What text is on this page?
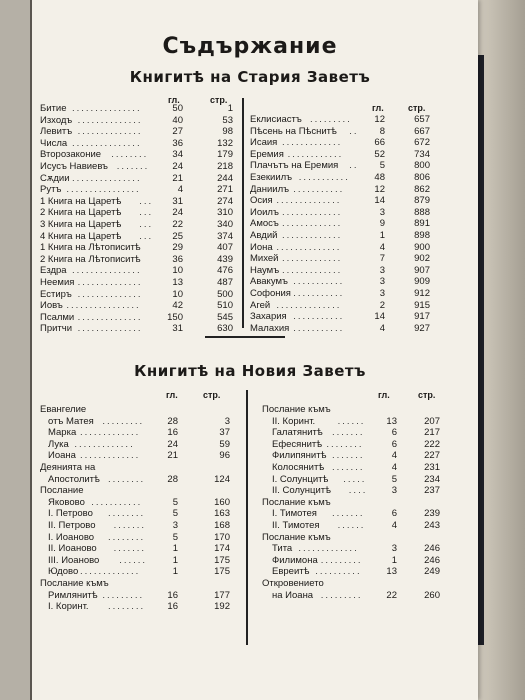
Съдържание
Книгитѣ на Стария Заветъ
гл.	стр.
Битие ...............	50	1
Изходъ ..............	40	53
Левитъ ..............	27	98
Числа ...............	36	132
Второзаконие ........	34	179
Исусъ Навиевъ ....... 24	218
Сѫдии ...............	21	244
Рутъ ................	4	271
1 Книга на Царетѣ ... 31	274
2 Книга на Царетѣ ... 24	310
3 Книга на Царетѣ ... 22	340
4 Книга на Царетѣ ... 25	374
1 Книга на Лѣтописитѣ	29	407
2 Книга на Лѣтописитѣ	36	439
Ездра ...............	10	476
Неемия ..............	13	487
Естиръ ..............	10	500
Иовъ ................	42	510
Псалми ..............	150	545
Притчи ..............	31	630
гл.	стр.
Еклисиастъ ......... 12	657
Пѣсень на Пѣснитѣ .. 8	667
Исаия .............	66	672
Еремия ............	52	734
Плачътъ на Еремия .. 5	800
Езекиилъ ...........	48	806
Даниилъ ...........	12	862
Осия ..............	14	879
Иоилъ .............	3	888
Амосъ .............	9	891
Авдий .............	1	898
Иона ..............	4	900
Михей .............	7	902
Наумъ .............	3	907
Авакумъ ...........	3	909
Софония ...........	3	912
Агей ..............	2	915
Захария ...........	14	917
Малахия ...........	4	927
Книгитѣ на Новия Заветъ
гл.	стр.
Евангелие
отъ Матея ......... 28	3
Марка .............	16	37
Лука .............	24	59
Иоана .............	21	96
Деянията на
Апостолитѣ ........ 28	124
Послание
Яковово ...........	5	160
I. Петрово ........	5	163
II. Петрово .......	3	168
I. Иоаново ........	5	170
II. Иоаново .......	1	174
III. Иоаново ......	1	175
Юдово .............	1	175
Послание къмъ
Римлянитѣ ......... 16	177
I. Коринт. ........ 16	192
гл.	стр.
Послание къмъ
II. Коринт. ...... 13	207
Галатянитѣ .......	6	217
Ефесянитѣ ........	6	222
Филипянитѣ .......	4	227
Колосянитѣ .......	4	231
I. Солунцитѣ .....	5	234
II. Солунцитѣ ....	3	237
Послание къмъ
I. Тимотея .......	6	239
II. Тимотея ......	4	243
Послание къмъ
Тита .............	3	246
Филимона .........	1	246
Евреитѣ ..........	13	249
Откровението
на Иоана .........	22	260
